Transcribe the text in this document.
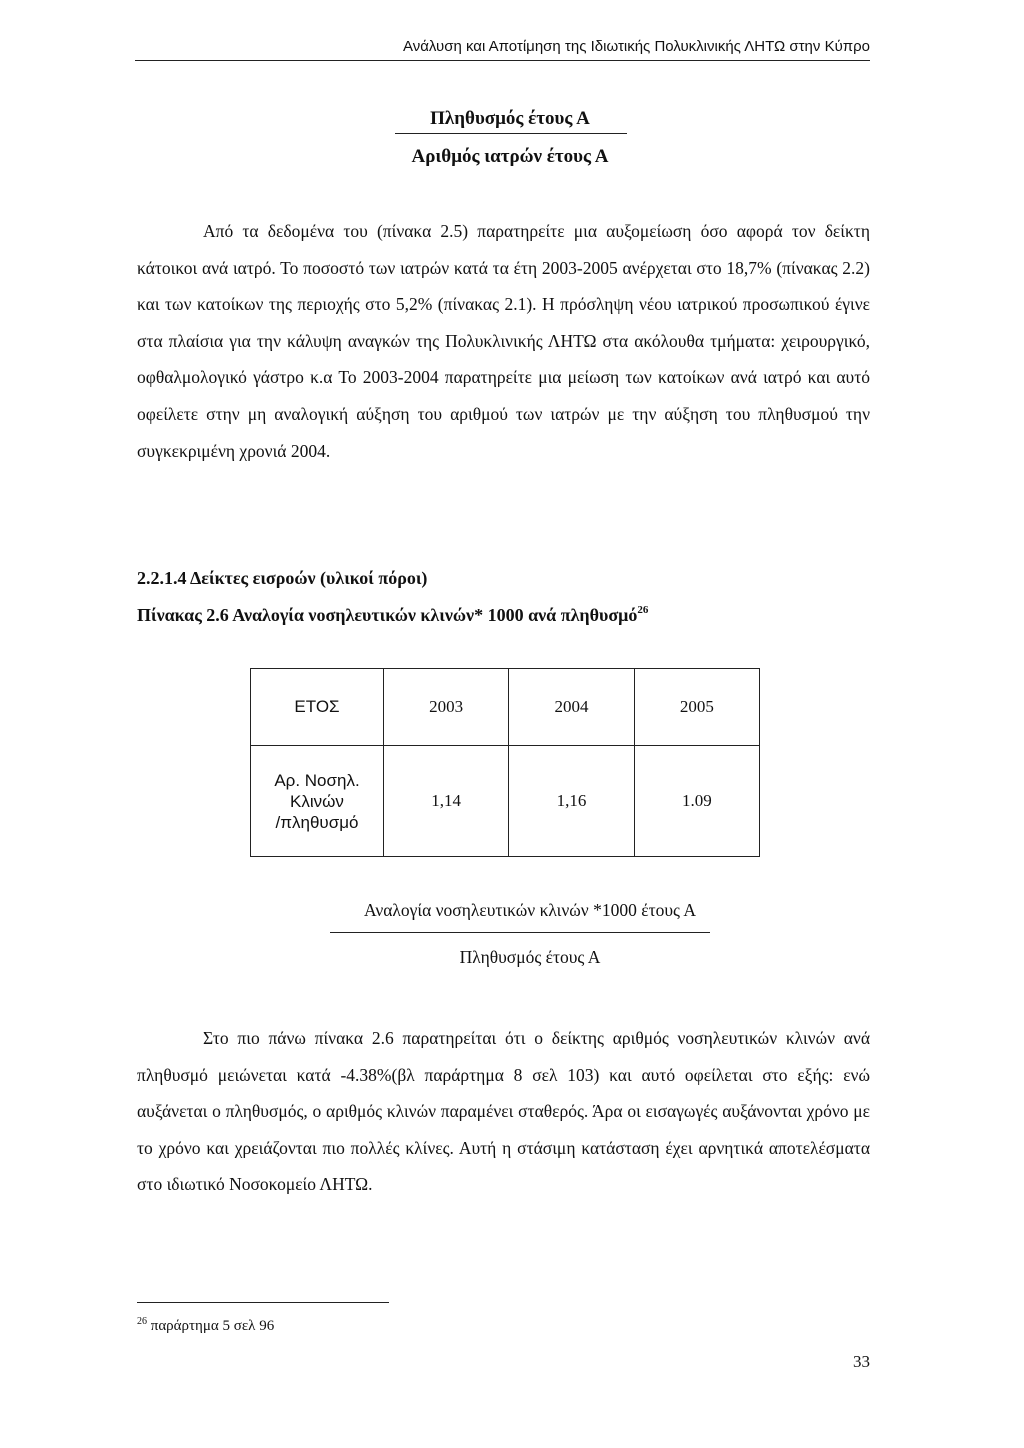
Ανάλυση και Αποτίμηση της Ιδιωτικής Πολυκλινικής ΛΗΤΩ στην Κύπρο
Πληθυσμός έτους Α
Αριθμός ιατρών έτους Α

Από τα δεδομένα του (πίνακα 2.5) παρατηρείτε μια αυξομείωση όσο αφορά τον δείκτη κάτοικοι ανά ιατρό. Το ποσοστό των ιατρών κατά τα έτη 2003-2005 ανέρχεται στο 18,7% (πίνακας 2.2) και των κατοίκων της περιοχής στο 5,2% (πίνακας 2.1). Η πρόσληψη νέου ιατρικού προσωπικού έγινε στα πλαίσια για την κάλυψη αναγκών της Πολυκλινικής ΛΗΤΩ στα ακόλουθα τμήματα: χειρουργικό, οφθαλμολογικό γάστρο κ.α Το 2003-2004 παρατηρείτε μια μείωση των κατοίκων ανά ιατρό και αυτό οφείλετε στην μη αναλογική αύξηση του αριθμού των ιατρών με την αύξηση του πληθυσμού την συγκεκριμένη χρονιά 2004.

2.2.1.4 Δείκτες εισροών (υλικοί πόροι)
Πίνακας 2.6 Αναλογία νοσηλευτικών κλινών* 1000 ανά πληθυσμό$^{26}$
ΕΤΟΣ	2003	2004	2005

Αρ. Νοσηλ.
Κλινών
/πληθυσμό	1,14	1,16	1.09
Αναλογία νοσηλευτικών κλινών *1000 έτους Α
Πληθυσμός έτους Α

Στο πιο πάνω πίνακα 2.6 παρατηρείται ότι ο δείκτης αριθμός νοσηλευτικών κλινών ανά πληθυσμό μειώνεται κατά -4.38%(βλ παράρτημα 8 σελ 103) και αυτό οφείλεται στο εξής: ενώ αυξάνεται ο πληθυσμός, ο αριθμός κλινών παραμένει σταθερός. Άρα οι εισαγωγές αυξάνονται χρόνο με το χρόνο και χρειάζονται πιο πολλές κλίνες. Αυτή η στάσιμη κατάσταση έχει αρνητικά αποτελέσματα στο ιδιωτικό Νοσοκομείο ΛΗΤΩ.

$^{26}$ παράρτημα 5 σελ 96
33
